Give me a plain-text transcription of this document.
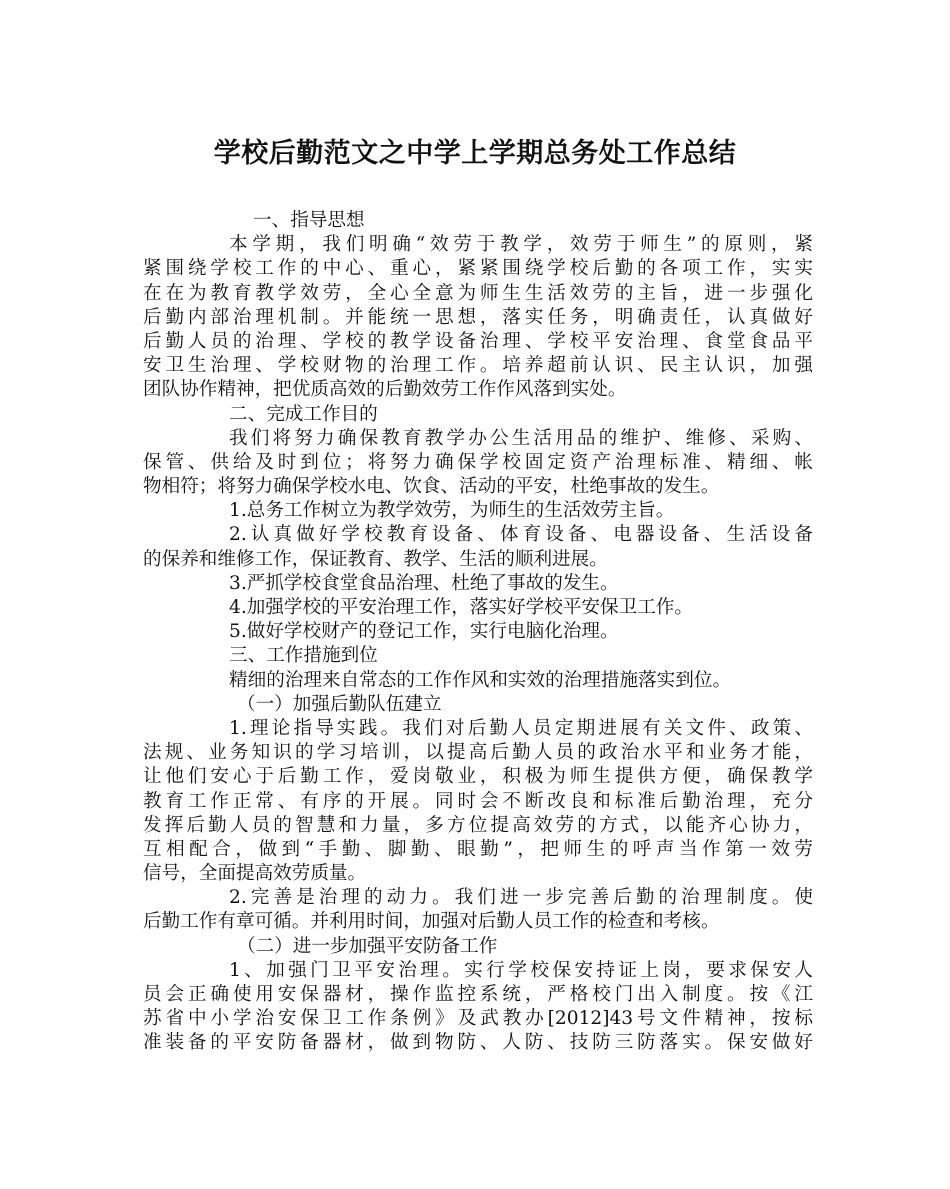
学校后勤范文之中学上学期总务处工作总结
一、指导思想
本学期，我们明确“效劳于教学，效劳于师生”的原则，紧
紧围绕学校工作的中心、重心，紧紧围绕学校后勤的各项工作，实实
在在为教育教学效劳，全心全意为师生生活效劳的主旨，进一步强化
后勤内部治理机制。并能统一思想，落实任务，明确责任，认真做好
后勤人员的治理、学校的教学设备治理、学校平安治理、食堂食品平
安卫生治理、学校财物的治理工作。培养超前认识、民主认识，加强
团队协作精神，把优质高效的后勤效劳工作作风落到实处。
二、完成工作目的
我们将努力确保教育教学办公生活用品的维护、维修、采购、
保管、供给及时到位；将努力确保学校固定资产治理标准、精细、帐
物相符；将努力确保学校水电、饮食、活动的平安，杜绝事故的发生。
1.总务工作树立为教学效劳，为师生的生活效劳主旨。
2.认真做好学校教育设备、体育设备、电器设备、生活设备
的保养和维修工作，保证教育、教学、生活的顺利进展。
3.严抓学校食堂食品治理、杜绝了事故的发生。
4.加强学校的平安治理工作，落实好学校平安保卫工作。
5.做好学校财产的登记工作，实行电脑化治理。
三、工作措施到位
精细的治理来自常态的工作作风和实效的治理措施落实到位。
（一）加强后勤队伍建立
1.理论指导实践。我们对后勤人员定期进展有关文件、政策、
法规、业务知识的学习培训，以提高后勤人员的政治水平和业务才能，
让他们安心于后勤工作，爱岗敬业，积极为师生提供方便，确保教学
教育工作正常、有序的开展。同时会不断改良和标准后勤治理，充分
发挥后勤人员的智慧和力量，多方位提高效劳的方式，以能齐心协力，
互相配合，做到“手勤、脚勤、眼勤”，把师生的呼声当作第一效劳
信号，全面提高效劳质量。
2.完善是治理的动力。我们进一步完善后勤的治理制度。使
后勤工作有章可循。并利用时间，加强对后勤人员工作的检查和考核。
（二）进一步加强平安防备工作
1、加强门卫平安治理。实行学校保安持证上岗，要求保安人
员会正确使用安保器材，操作监控系统，严格校门出入制度。按《江
苏省中小学治安保卫工作条例》及武教办[2012]43号文件精神，按标
准装备的平安防备器材，做到物防、人防、技防三防落实。保安做好
